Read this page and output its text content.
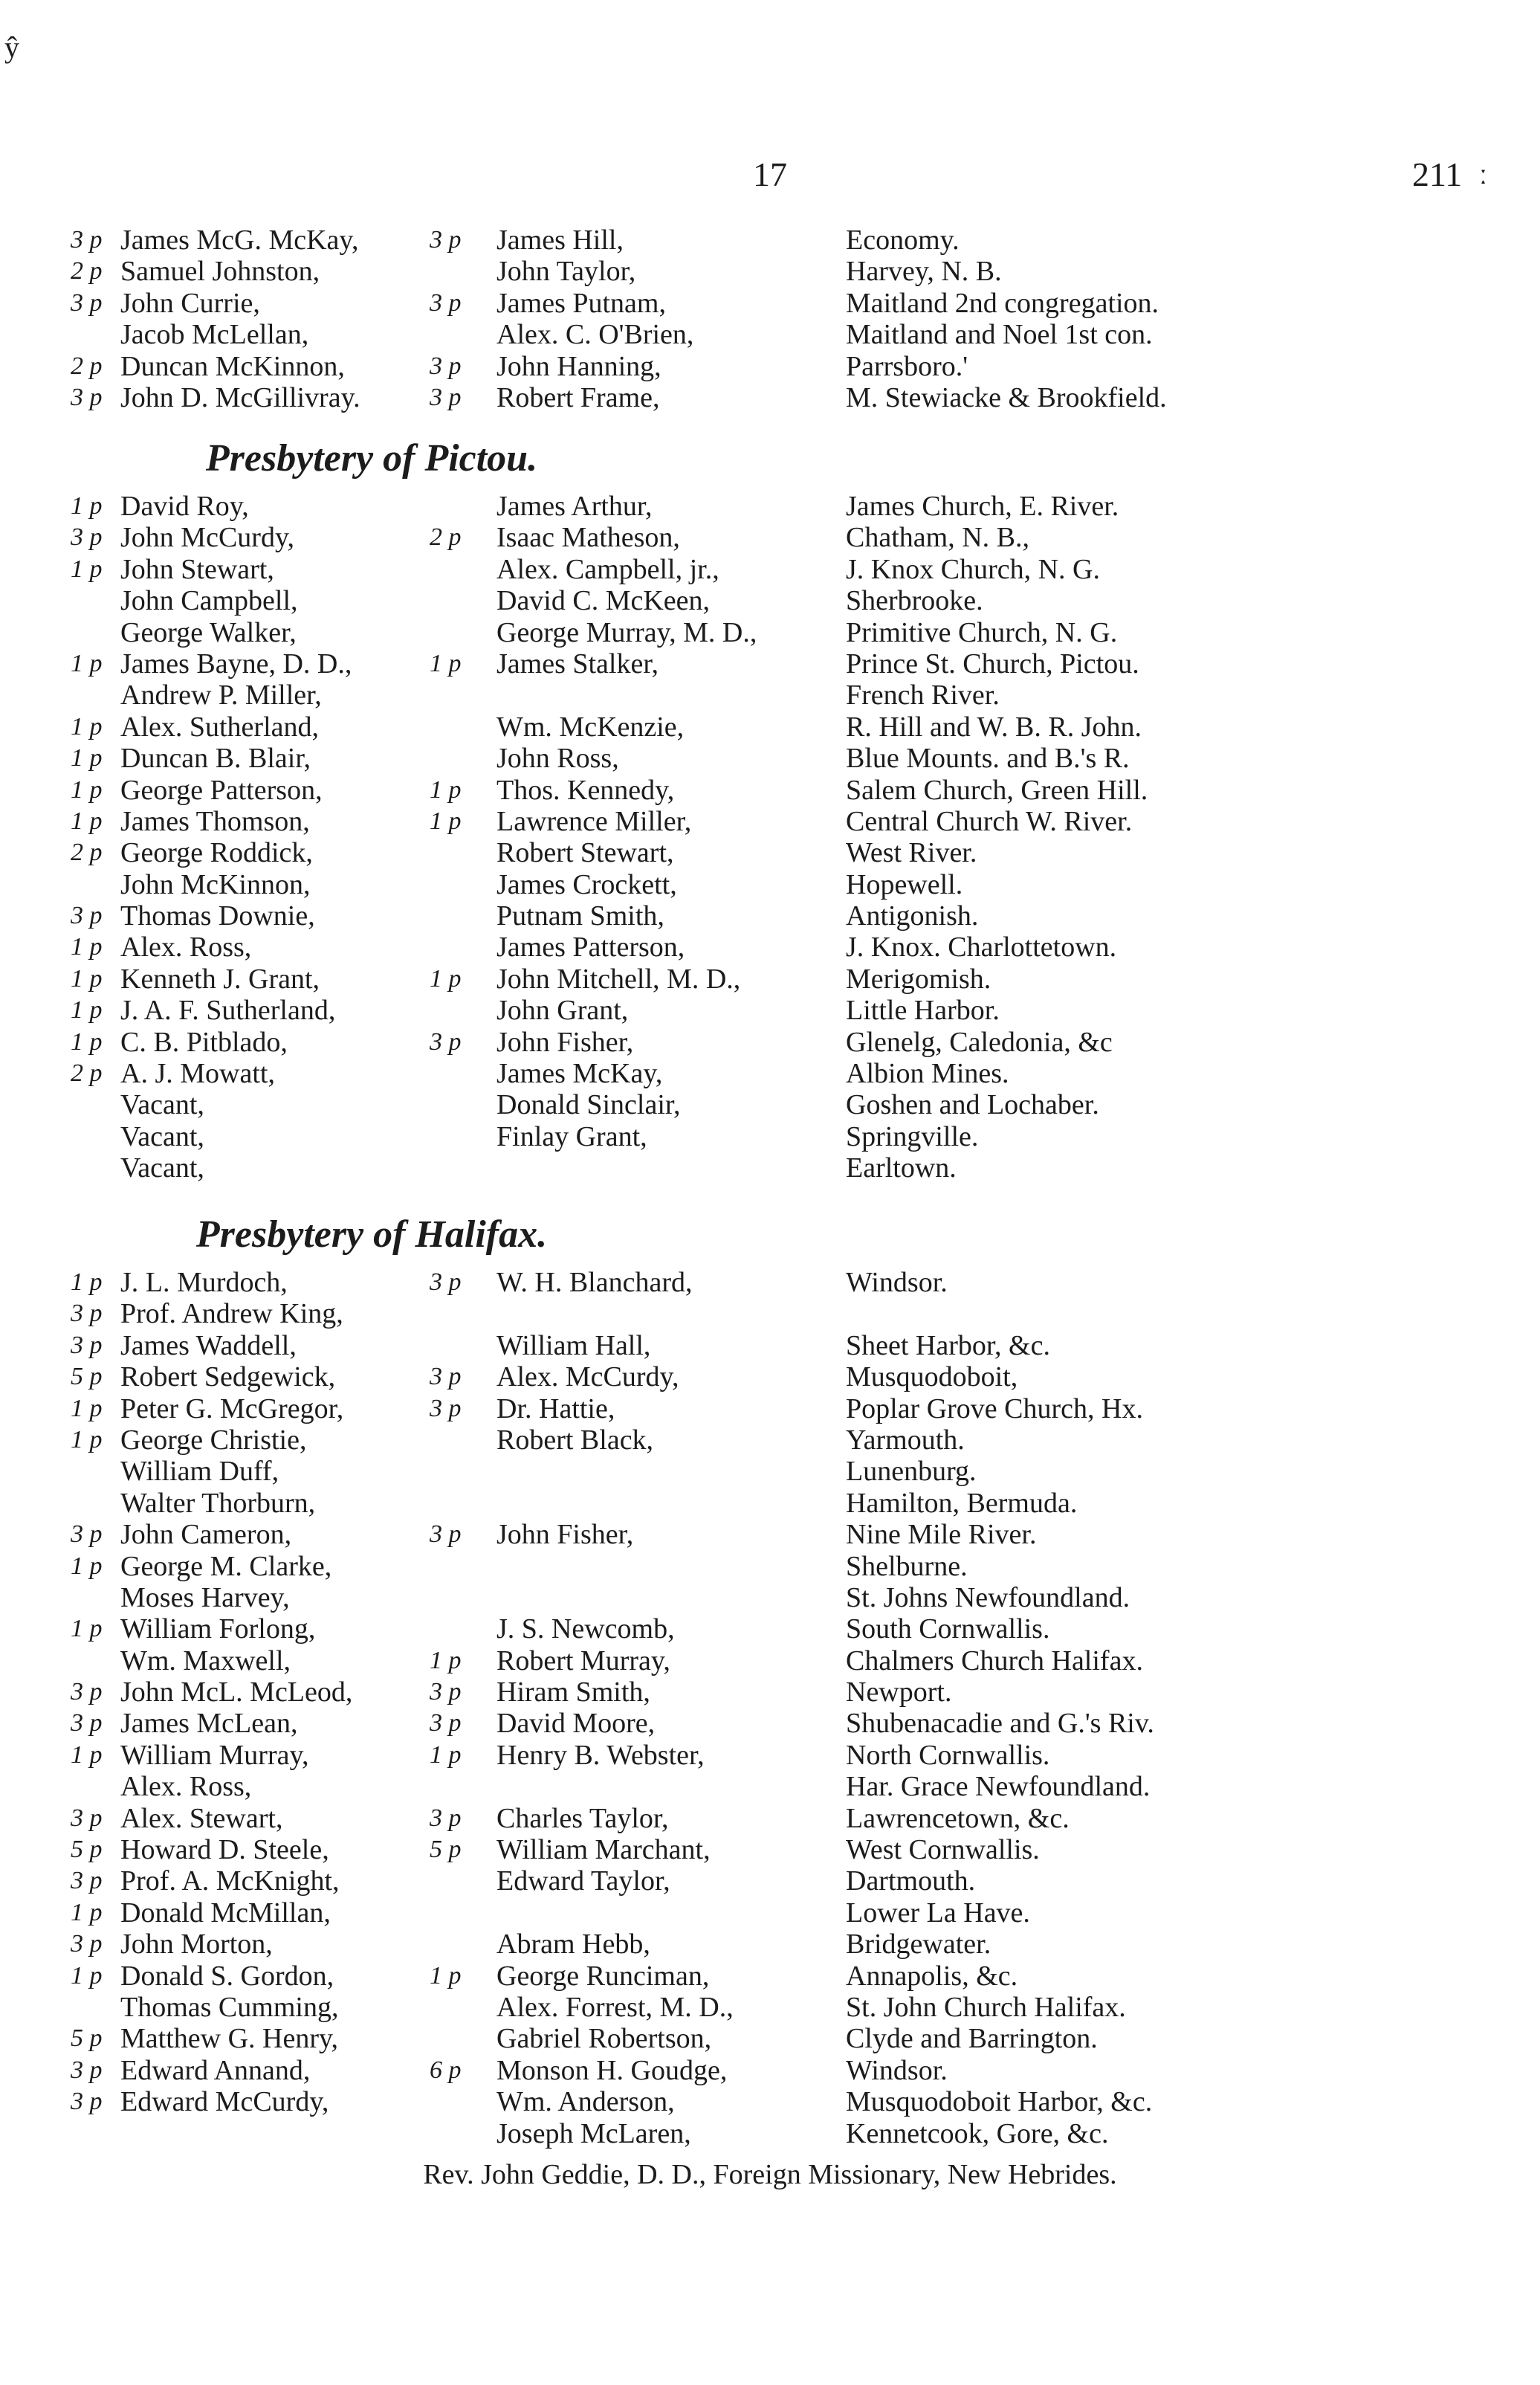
ŷ
17	211 ː
3 p James McG. McKay,	3 p James Hill,	Economy.
2 p Samuel Johnston,	John Taylor,	Harvey, N. B.
3 p John Currie,	3 p James Putnam,	Maitland 2nd congregation.
Jacob McLellan,	Alex. C. O'Brien,	Maitland and Noel 1st con.
2 p Duncan McKinnon,	3 p John Hanning,	Parrsboro.'
3 p John D. McGillivray.	3 p Robert Frame,	M. Stewiacke & Brookfield.
Presbytery of Pictou.
1 p David Roy,	James Arthur,	James Church, E. River.
3 p John McCurdy,	2 p Isaac Matheson,	Chatham, N. B.,
1 p John Stewart,	Alex. Campbell, jr.,	J. Knox Church, N. G.
John Campbell,	David C. McKeen,	Sherbrooke.
George Walker,	George Murray, M. D.,	Primitive Church, N. G.
1 p James Bayne, D. D.,	1 p James Stalker,	Prince St. Church, Pictou.
Andrew P. Miller,	French River.
1 p Alex. Sutherland,	Wm. McKenzie,	R. Hill and W. B. R. John.
1 p Duncan B. Blair,	John Ross,	Blue Mounts. and B.'s R.
1 p George Patterson,	1 p Thos. Kennedy,	Salem Church, Green Hill.
1 p James Thomson,	1 p Lawrence Miller,	Central Church W. River.
2 p George Roddick,	Robert Stewart,	West River.
John McKinnon,	James Crockett,	Hopewell.
3 p Thomas Downie,	Putnam Smith,	Antigonish.
1 p Alex. Ross,	James Patterson,	J. Knox. Charlottetown.
1 p Kenneth J. Grant,	1 p John Mitchell, M. D.,	Merigomish.
1 p J. A. F. Sutherland,	John Grant,	Little Harbor.
1 p C. B. Pitblado,	3 p John Fisher,	Glenelg, Caledonia, &c
2 p A. J. Mowatt,	James McKay,	Albion Mines.
Vacant,	Donald Sinclair,	Goshen and Lochaber.
Vacant,	Finlay Grant,	Springville.
Vacant,	Earltown.
Presbytery of Halifax.
1 p J. L. Murdoch,	3 p W. H. Blanchard,	Windsor.
3 p Prof. Andrew King,
3 p James Waddell,	William Hall,	Sheet Harbor, &c.
5 p Robert Sedgewick,	3 p Alex. McCurdy,	Musquodoboit,
1 p Peter G. McGregor,	3 p Dr. Hattie,	Poplar Grove Church, Hx.
1 p George Christie,	Robert Black,	Yarmouth.
William Duff,	Lunenburg.
Walter Thorburn,	Hamilton, Bermuda.
3 p John Cameron,	3 p John Fisher,	Nine Mile River.
1 p George M. Clarke,	Shelburne.
Moses Harvey,	St. Johns Newfoundland.
1 p William Forlong,	J. S. Newcomb,	South Cornwallis.
Wm. Maxwell,	1 p Robert Murray,	Chalmers Church Halifax.
3 p John McL. McLeod,	3 p Hiram Smith,	Newport.
3 p James McLean,	3 p David Moore,	Shubenacadie and G.'s Riv.
1 p William Murray,	1 p Henry B. Webster,	North Cornwallis.
Alex. Ross,	Har. Grace Newfoundland.
3 p Alex. Stewart,	3 p Charles Taylor,	Lawrencetown, &c.
5 p Howard D. Steele,	5 p William Marchant,	West Cornwallis.
3 p Prof. A. McKnight,	Edward Taylor,	Dartmouth.
1 p Donald McMillan,	Lower La Have.
3 p John Morton,	Abram Hebb,	Bridgewater.
1 p Donald S. Gordon,	1 p George Runciman,	Annapolis, &c.
Thomas Cumming,	Alex. Forrest, M. D.,	St. John Church Halifax.
5 p Matthew G. Henry,	Gabriel Robertson,	Clyde and Barrington.
3 p Edward Annand,	6 p Monson H. Goudge,	Windsor.
3 p Edward McCurdy,	Wm. Anderson,	Musquodoboit Harbor, &c.
Joseph McLaren,	Kennetcook, Gore, &c.
Rev. John Geddie, D. D., Foreign Missionary, New Hebrides.
